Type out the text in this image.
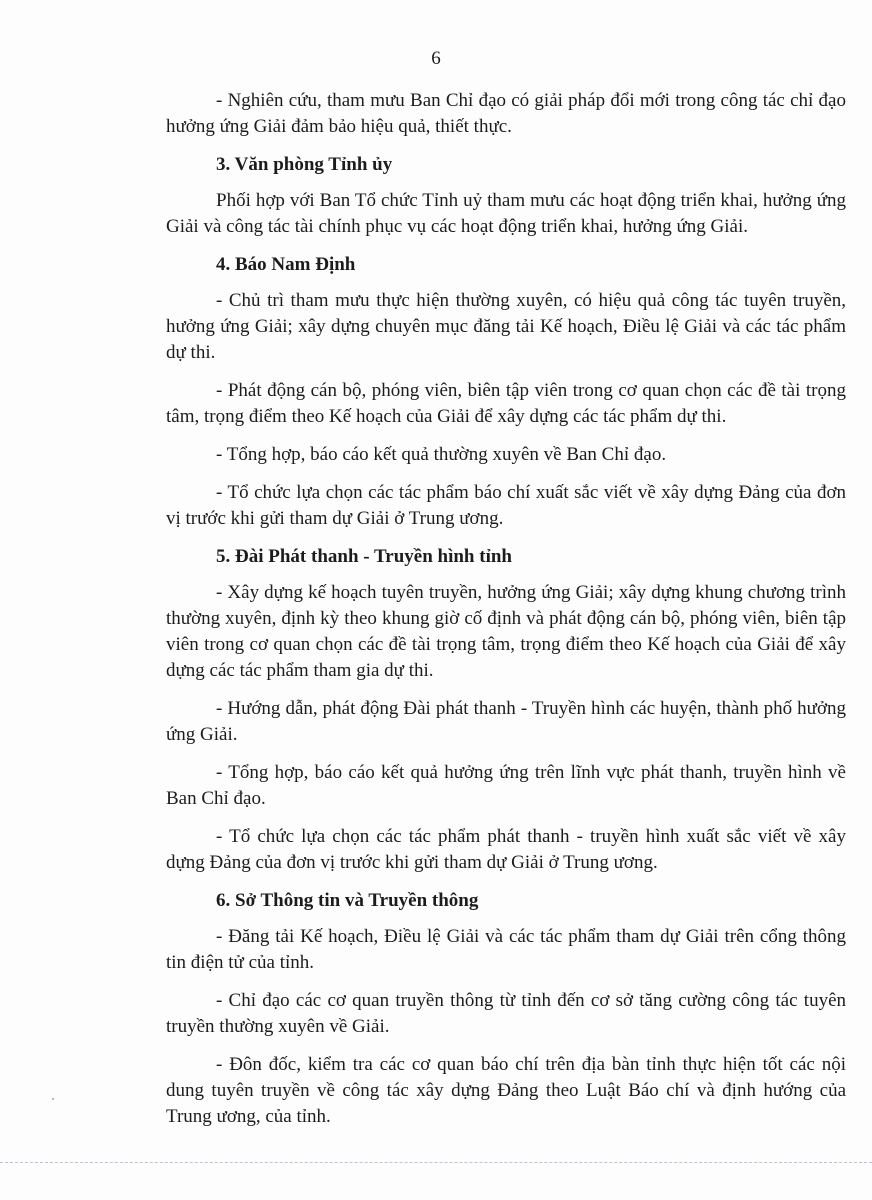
6

- Nghiên cứu, tham mưu Ban Chỉ đạo có giải pháp đổi mới trong công tác chỉ đạo hưởng ứng Giải đảm bảo hiệu quả, thiết thực.

3. Văn phòng Tỉnh ủy

Phối hợp với Ban Tổ chức Tỉnh uỷ tham mưu các hoạt động triển khai, hưởng ứng Giải và công tác tài chính phục vụ các hoạt động triển khai, hưởng ứng Giải.

4. Báo Nam Định

- Chủ trì tham mưu thực hiện thường xuyên, có hiệu quả công tác tuyên truyền, hưởng ứng Giải; xây dựng chuyên mục đăng tải Kế hoạch, Điều lệ Giải và các tác phẩm dự thi.

- Phát động cán bộ, phóng viên, biên tập viên trong cơ quan chọn các đề tài trọng tâm, trọng điểm theo Kế hoạch của Giải để xây dựng các tác phẩm dự thi.

- Tổng hợp, báo cáo kết quả thường xuyên về Ban Chỉ đạo.

- Tổ chức lựa chọn các tác phẩm báo chí xuất sắc viết về xây dựng Đảng của đơn vị trước khi gửi tham dự Giải ở Trung ương.

5. Đài Phát thanh - Truyền hình tỉnh

- Xây dựng kế hoạch tuyên truyền, hưởng ứng Giải; xây dựng khung chương trình thường xuyên, định kỳ theo khung giờ cố định và phát động cán bộ, phóng viên, biên tập viên trong cơ quan chọn các đề tài trọng tâm, trọng điểm theo Kế hoạch của Giải để xây dựng các tác phẩm tham gia dự thi.

- Hướng dẫn, phát động Đài phát thanh - Truyền hình các huyện, thành phố hưởng ứng Giải.

- Tổng hợp, báo cáo kết quả hưởng ứng trên lĩnh vực phát thanh, truyền hình về Ban Chỉ đạo.

- Tổ chức lựa chọn các tác phẩm phát thanh - truyền hình xuất sắc viết về xây dựng Đảng của đơn vị trước khi gửi tham dự Giải ở Trung ương.

6. Sở Thông tin và Truyền thông

- Đăng tải Kế hoạch, Điều lệ Giải và các tác phẩm tham dự Giải trên cổng thông tin điện tử của tỉnh.

- Chỉ đạo các cơ quan truyền thông từ tỉnh đến cơ sở tăng cường công tác tuyên truyền thường xuyên về Giải.

- Đôn đốc, kiểm tra các cơ quan báo chí trên địa bàn tỉnh thực hiện tốt các nội dung tuyên truyền về công tác xây dựng Đảng theo Luật Báo chí và định hướng của Trung ương, của tỉnh.
